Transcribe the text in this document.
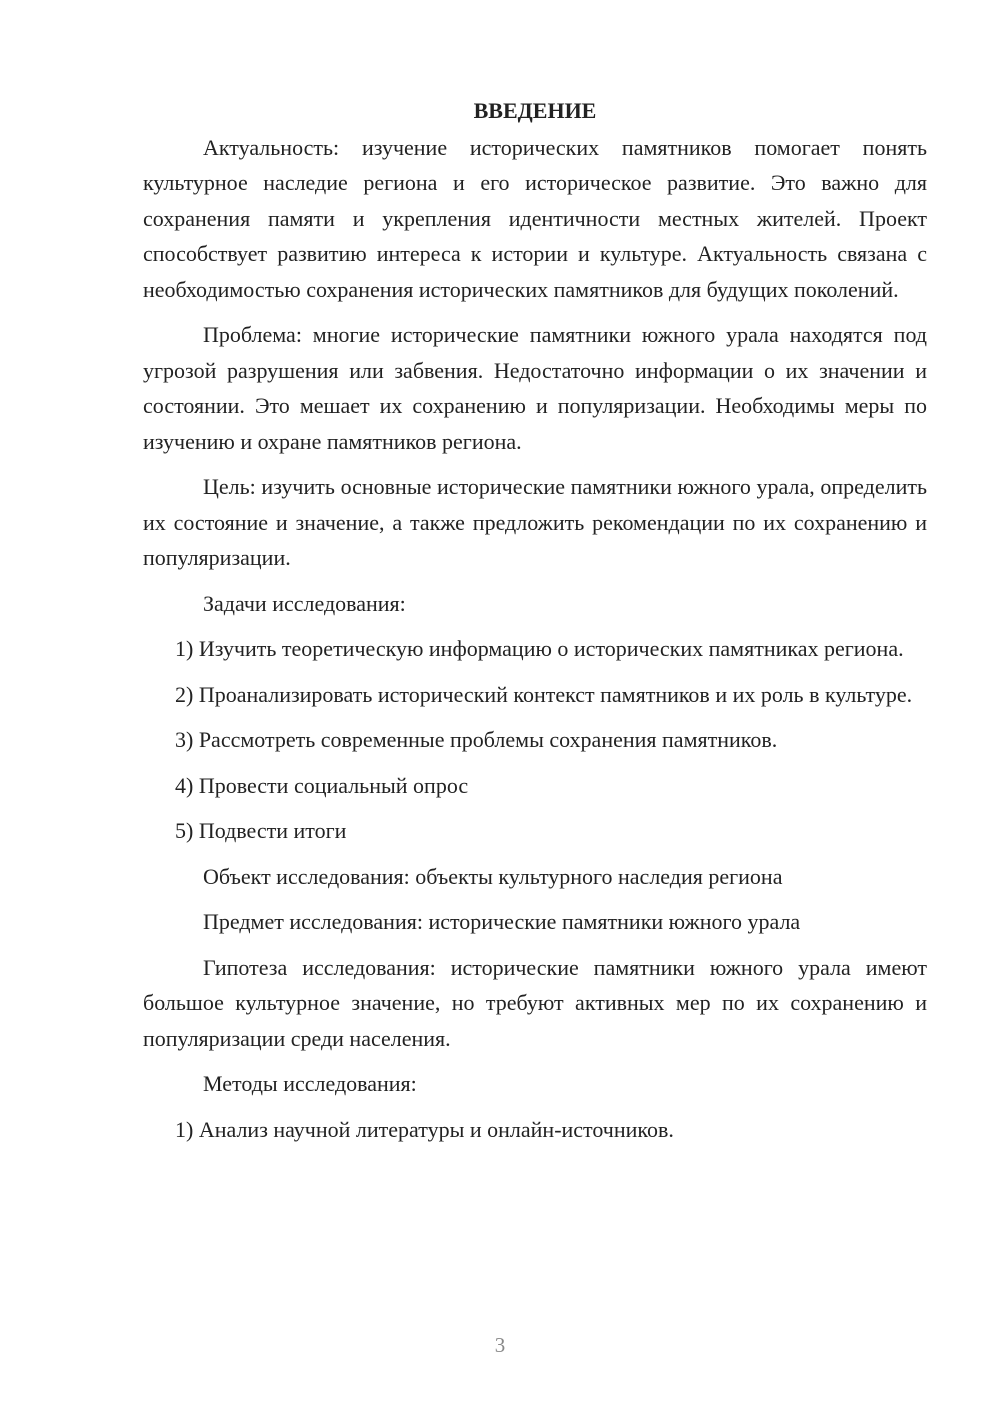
ВВЕДЕНИЕ

Актуальность: изучение исторических памятников помогает понять культурное наследие региона и его историческое развитие. Это важно для сохранения памяти и укрепления идентичности местных жителей. Проект способствует развитию интереса к истории и культуре. Актуальность связана с необходимостью сохранения исторических памятников для будущих поколений.

Проблема: многие исторические памятники южного урала находятся под угрозой разрушения или забвения. Недостаточно информации о их значении и состоянии. Это мешает их сохранению и популяризации. Необходимы меры по изучению и охране памятников региона.

Цель: изучить основные исторические памятники южного урала, определить их состояние и значение, а также предложить рекомендации по их сохранению и популяризации.

Задачи исследования:

1) Изучить теоретическую информацию о исторических памятниках региона.

2) Проанализировать исторический контекст памятников и их роль в культуре.

3) Рассмотреть современные проблемы сохранения памятников.

4) Провести социальный опрос

5) Подвести итоги

Объект исследования: объекты культурного наследия региона

Предмет исследования: исторические памятники южного урала

Гипотеза исследования: исторические памятники южного урала имеют большое культурное значение, но требуют активных мер по их сохранению и популяризации среди населения.

Методы исследования:

1) Анализ научной литературы и онлайн-источников.

3
